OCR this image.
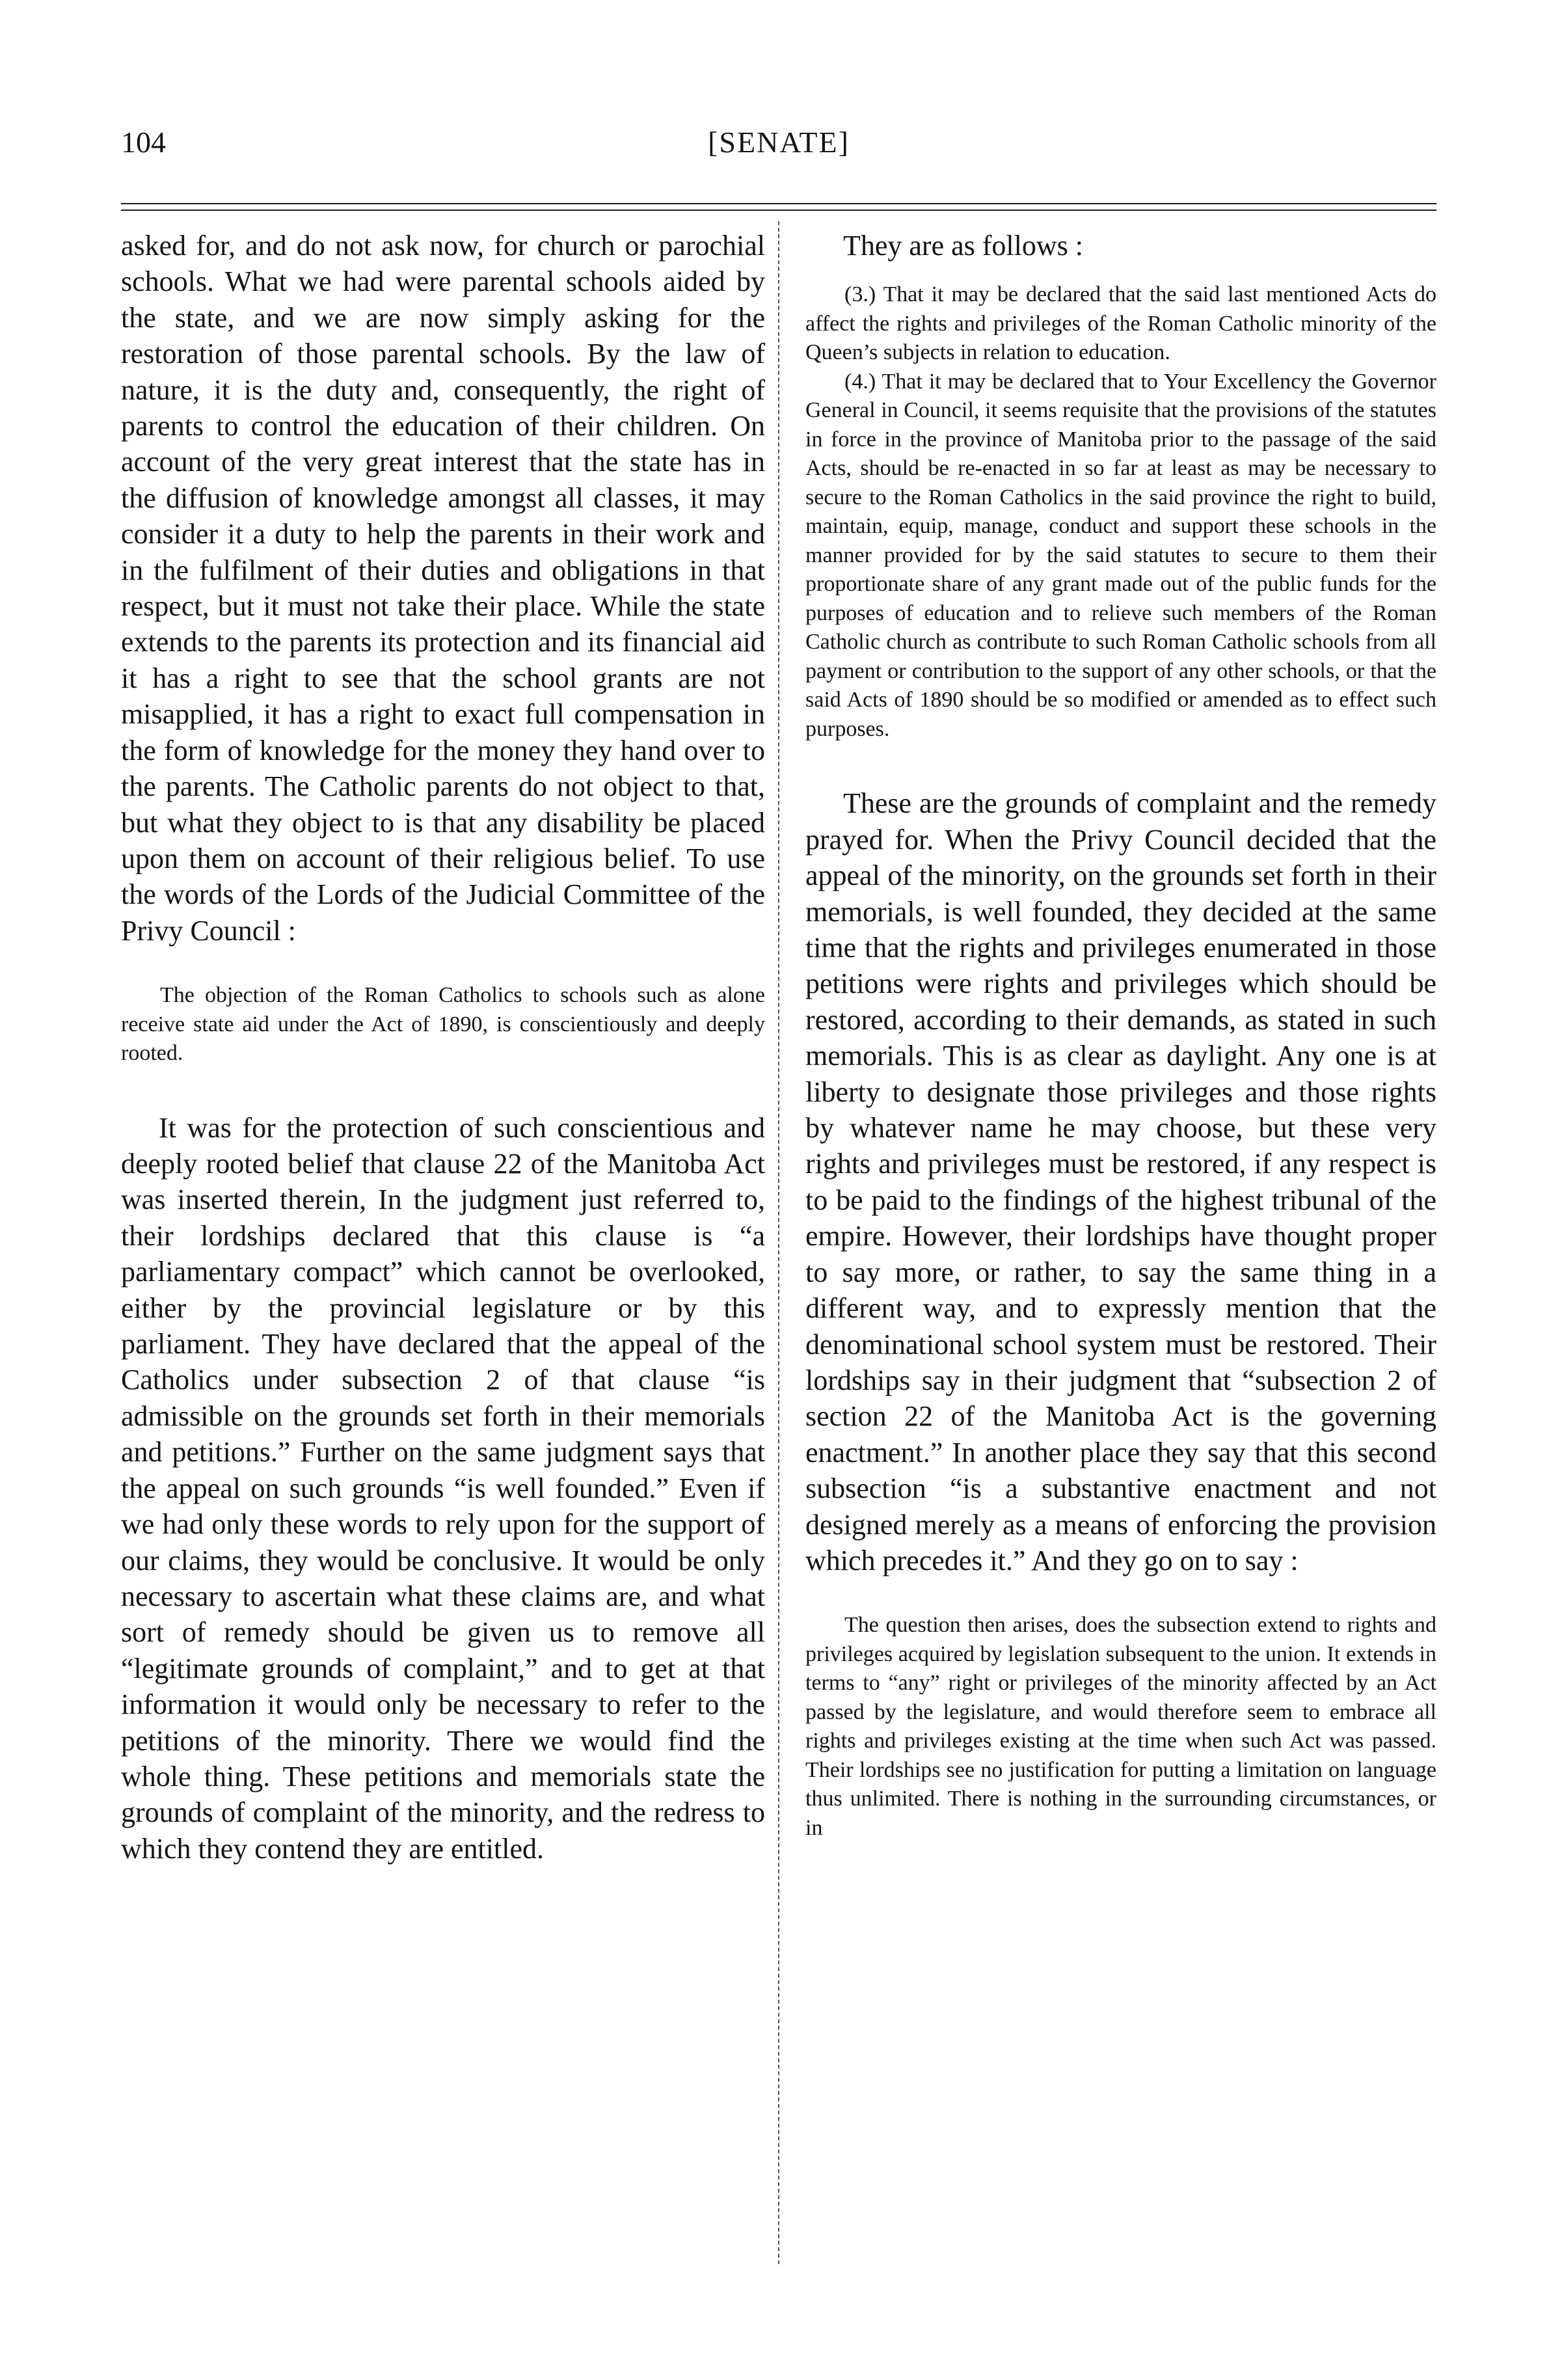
104	[SENATE]

asked for, and do not ask now, for church or parochial schools. What we had were parental schools aided by the state, and we are now simply asking for the restoration of those parental schools. By the law of nature, it is the duty and, consequently, the right of parents to control the education of their children. On account of the very great interest that the state has in the diffusion of knowledge amongst all classes, it may consider it a duty to help the parents in their work and in the fulfilment of their duties and obligations in that respect, but it must not take their place. While the state extends to the parents its protection and its financial aid it has a right to see that the school grants are not misapplied, it has a right to exact full compensation in the form of knowledge for the money they hand over to the parents. The Catholic parents do not object to that, but what they object to is that any disability be placed upon them on account of their religious belief. To use the words of the Lords of the Judicial Committee of the Privy Council :

The objection of the Roman Catholics to schools such as alone receive state aid under the Act of 1890, is conscientiously and deeply rooted.

It was for the protection of such conscientious and deeply rooted belief that clause 22 of the Manitoba Act was inserted therein, In the judgment just referred to, their lordships declared that this clause is “a parliamentary compact” which cannot be overlooked, either by the provincial legislature or by this parliament. They have declared that the appeal of the Catholics under subsection 2 of that clause “is admissible on the grounds set forth in their memorials and petitions.” Further on the same judgment says that the appeal on such grounds “is well founded.” Even if we had only these words to rely upon for the support of our claims, they would be conclusive. It would be only necessary to ascertain what these claims are, and what sort of remedy should be given us to remove all “legitimate grounds of complaint,” and to get at that information it would only be necessary to refer to the petitions of the minority. There we would find the whole thing. These petitions and memorials state the grounds of complaint of the minority, and the redress to which they contend they are entitled.

They are as follows :

(3.) That it may be declared that the said last mentioned Acts do affect the rights and privileges of the Roman Catholic minority of the Queen’s subjects in relation to education.

(4.) That it may be declared that to Your Excellency the Governor General in Council, it seems requisite that the provisions of the statutes in force in the province of Manitoba prior to the passage of the said Acts, should be re-enacted in so far at least as may be necessary to secure to the Roman Catholics in the said province the right to build, maintain, equip, manage, conduct and support these schools in the manner provided for by the said statutes to secure to them their proportionate share of any grant made out of the public funds for the purposes of education and to relieve such members of the Roman Catholic church as contribute to such Roman Catholic schools from all payment or contribution to the support of any other schools, or that the said Acts of 1890 should be so modified or amended as to effect such purposes.

These are the grounds of complaint and the remedy prayed for. When the Privy Council decided that the appeal of the minority, on the grounds set forth in their memorials, is well founded, they decided at the same time that the rights and privileges enumerated in those petitions were rights and privileges which should be restored, according to their demands, as stated in such memorials. This is as clear as daylight. Any one is at liberty to designate those privileges and those rights by whatever name he may choose, but these very rights and privileges must be restored, if any respect is to be paid to the findings of the highest tribunal of the empire. However, their lordships have thought proper to say more, or rather, to say the same thing in a different way, and to expressly mention that the denominational school system must be restored. Their lordships say in their judgment that “subsection 2 of section 22 of the Manitoba Act is the governing enactment.” In another place they say that this second subsection “is a substantive enactment and not designed merely as a means of enforcing the provision which precedes it.” And they go on to say :

The question then arises, does the subsection extend to rights and privileges acquired by legislation subsequent to the union. It extends in terms to “any” right or privileges of the minority affected by an Act passed by the legislature, and would therefore seem to embrace all rights and privileges existing at the time when such Act was passed. Their lordships see no justification for putting a limitation on language thus unlimited. There is nothing in the surrounding circumstances, or in
